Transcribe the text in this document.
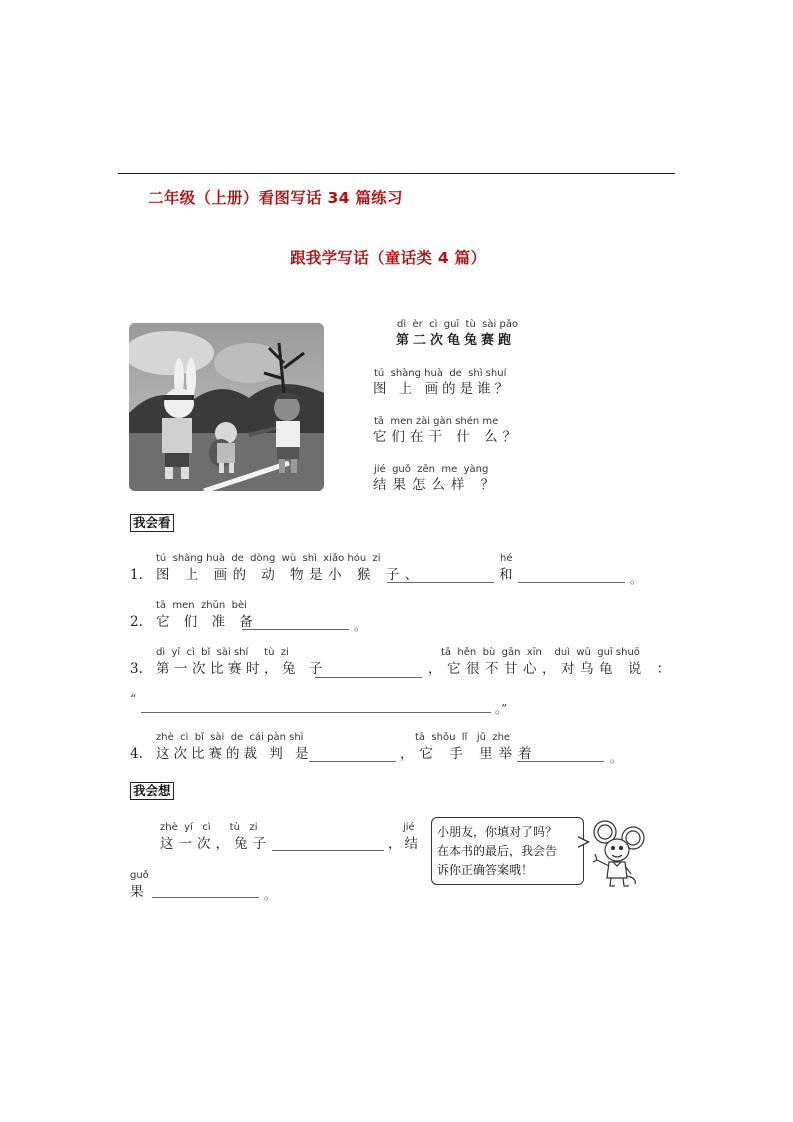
二年级（上册）看图写话 34 篇练习
跟我学写话（童话类 4 篇）
dì  èr  cì  guī  tù  sài pǎo
第二次龟兔赛跑
tú  shàng huà  de  shì shuí
图 上 画的是谁？
tā  men zài gàn shén me
它们在干 什 么？
jié  guǒ  zěn  me  yàng
结果怎么样 ？
我会看
tú  shàng huà  de  dòng  wù  shì  xiǎo hóu  zi
1. 图 上 画的 动 物是小 猴 子、
hé
和	。
tā  men  zhǔn  bèi
2. 它 们 准 备	。
dì  yī  cì  bǐ  sài shí     tù  zi
3. 第一次比赛时，兔 子
tā  hěn  bù  gān  xīn    duì  wū  guī shuō
，它很不甘心，对乌龟 说 ：
“
。”
zhè  cì  bǐ  sài  de  cái pàn shì
4. 这次比赛的裁 判 是
tā  shǒu  lǐ   jǔ  zhe
，它 手 里举着	。
我会想
zhè  yí   cì      tù   zi
这一次，兔子
jié
，结
guǒ
果	。
小朋友，你填对了吗？
在本书的最后，我会告
诉你正确答案哦！
